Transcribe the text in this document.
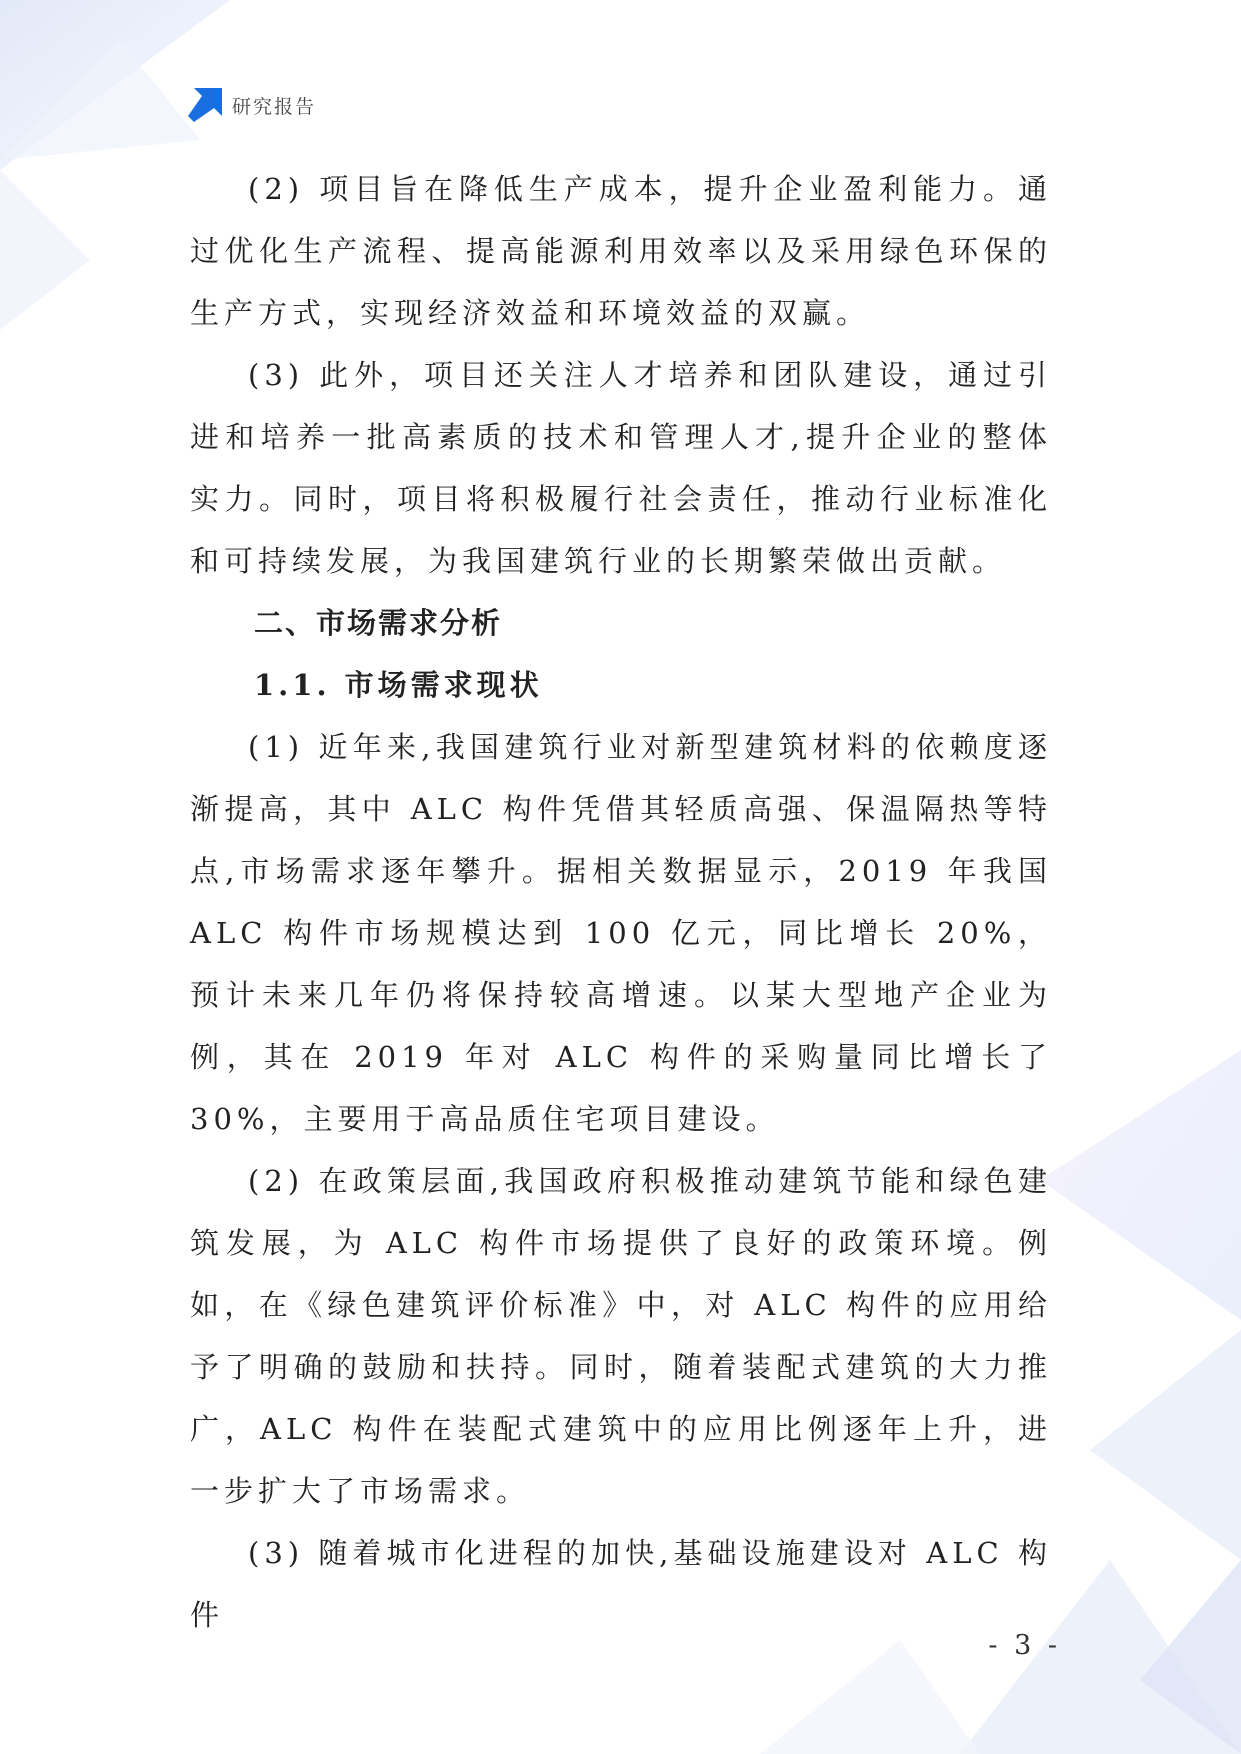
研究报告

(2) 项目旨在降低生产成本，提升企业盈利能力。通过优化生产流程、提高能源利用效率以及采用绿色环保的生产方式，实现经济效益和环境效益的双赢。

(3) 此外，项目还关注人才培养和团队建设，通过引进和培养一批高素质的技术和管理人才,提升企业的整体实力。同时，项目将积极履行社会责任，推动行业标准化和可持续发展，为我国建筑行业的长期繁荣做出贡献。

二、市场需求分析
1.1. 市场需求现状

(1) 近年来,我国建筑行业对新型建筑材料的依赖度逐渐提高，其中 ALC 构件凭借其轻质高强、保温隔热等特点,市场需求逐年攀升。据相关数据显示，2019 年我国 ALC 构件市场规模达到 100 亿元，同比增长 20%，预计未来几年仍将保持较高增速。以某大型地产企业为例，其在 2019 年对 ALC 构件的采购量同比增长了 30%，主要用于高品质住宅项目建设。

(2) 在政策层面,我国政府积极推动建筑节能和绿色建筑发展，为 ALC 构件市场提供了良好的政策环境。例如，在《绿色建筑评价标准》中，对 ALC 构件的应用给予了明确的鼓励和扶持。同时，随着装配式建筑的大力推广，ALC 构件在装配式建筑中的应用比例逐年上升，进一步扩大了市场需求。

(3) 随着城市化进程的加快,基础设施建设对 ALC 构件

- 3 -
